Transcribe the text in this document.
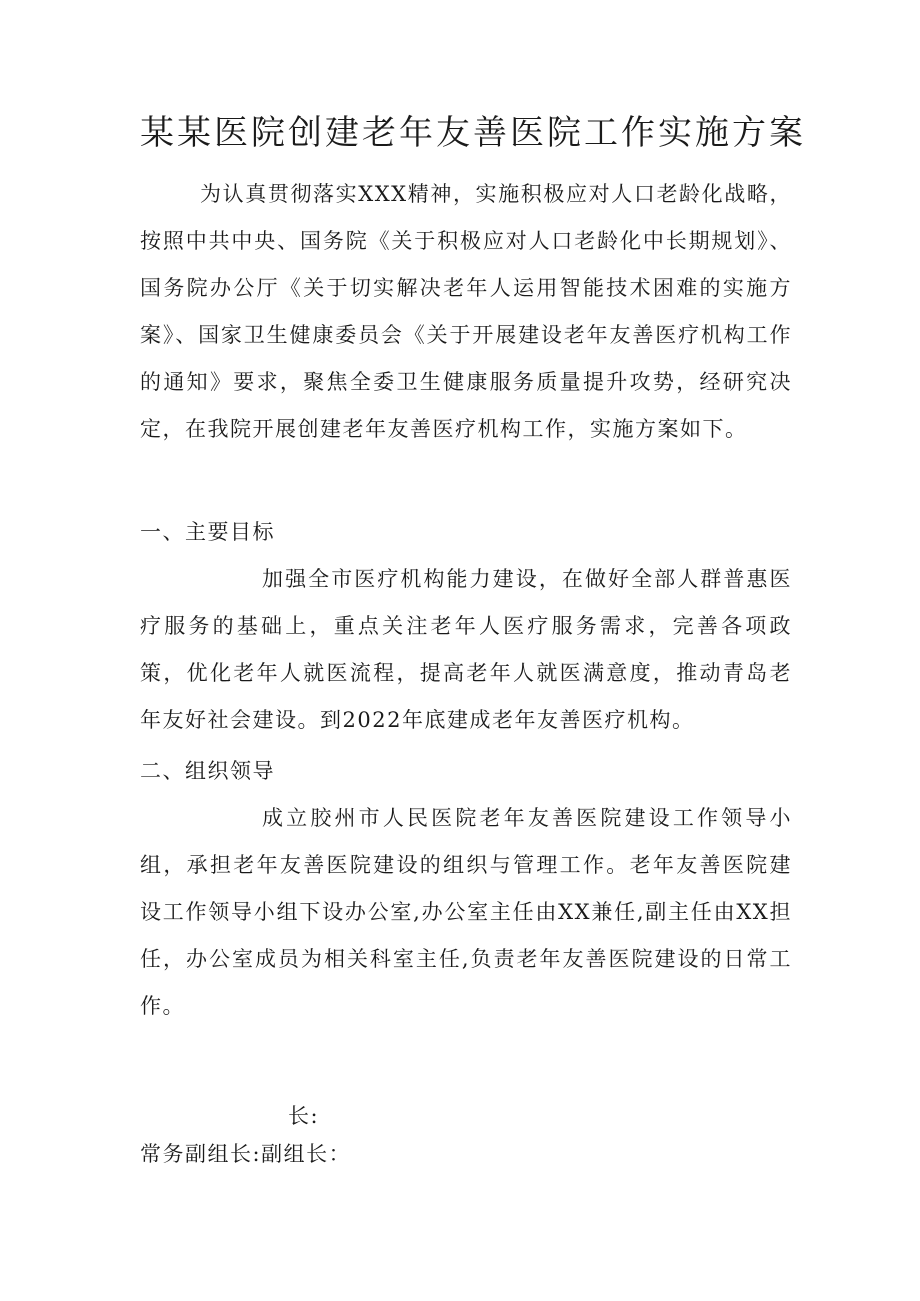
某某医院创建老年友善医院工作实施方案

为认真贯彻落实XXX精神，实施积极应对人口老龄化战略，按照中共中央、国务院《关于积极应对人口老龄化中长期规划》、国务院办公厅《关于切实解决老年人运用智能技术困难的实施方案》、国家卫生健康委员会《关于开展建设老年友善医疗机构工作的通知》要求，聚焦全委卫生健康服务质量提升攻势，经研究决定，在我院开展创建老年友善医疗机构工作，实施方案如下。

一、主要目标

加强全市医疗机构能力建设，在做好全部人群普惠医疗服务的基础上，重点关注老年人医疗服务需求，完善各项政策，优化老年人就医流程，提高老年人就医满意度，推动青岛老年友好社会建设。到2022年底建成老年友善医疗机构。

二、组织领导

成立胶州市人民医院老年友善医院建设工作领导小组，承担老年友善医院建设的组织与管理工作。老年友善医院建设工作领导小组下设办公室,办公室主任由XX兼任,副主任由XX担任，办公室成员为相关科室主任,负责老年友善医院建设的日常工作。

长:

常务副组长:副组长：
